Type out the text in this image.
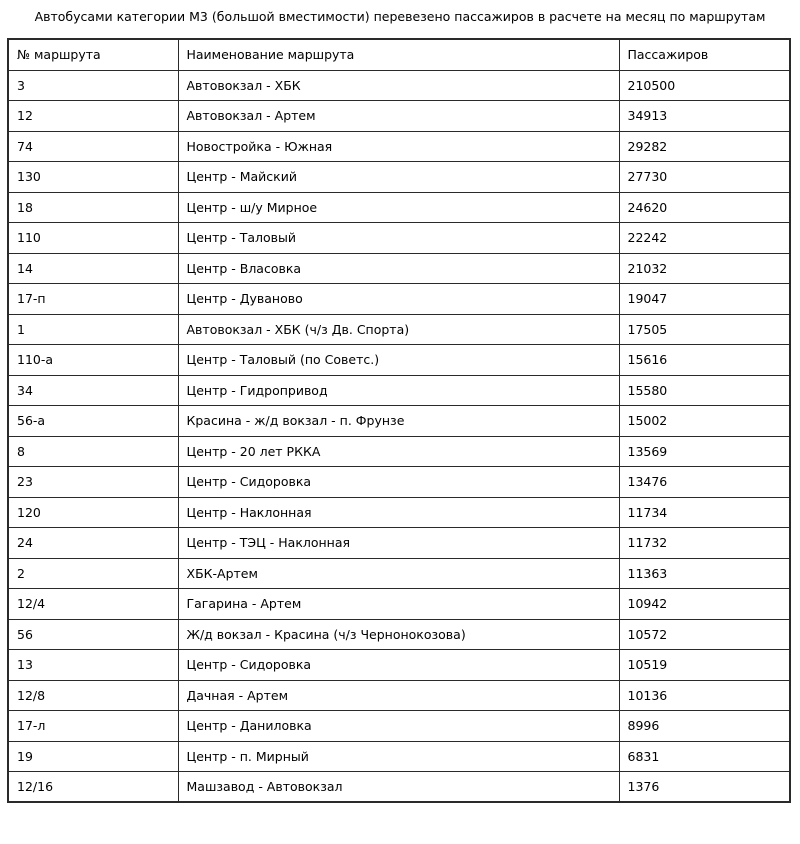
Автобусами категории М3 (большой вместимости) перевезено пассажиров в расчете на месяц по маршрутам
№ маршрута	Наименование маршрута	Пассажиров
3	Автовокзал - ХБК	210500
12	Автовокзал - Артем	34913
74	Новостройка - Южная	29282
130	Центр - Майский	27730
18	Центр - ш/у Мирное	24620
110	Центр - Таловый	22242
14	Центр - Власовка	21032
17-п	Центр - Дуваново	19047
1	Автовокзал - ХБК (ч/з Дв. Спорта)	17505
110-а	Центр - Таловый (по Советс.)	15616
34	Центр - Гидропривод	15580
56-а	Красина - ж/д вокзал - п. Фрунзе	15002
8	Центр - 20 лет РККА	13569
23	Центр - Сидоровка	13476
120	Центр - Наклонная	11734
24	Центр - ТЭЦ - Наклонная	11732
2	ХБК-Артем	11363
12/4	Гагарина - Артем	10942
56	Ж/д вокзал - Красина (ч/з Чернонокозова)	10572
13	Центр - Сидоровка	10519
12/8	Дачная - Артем	10136
17-л	Центр - Даниловка	8996
19	Центр - п. Мирный	6831
12/16	Машзавод - Автовокзал	1376
